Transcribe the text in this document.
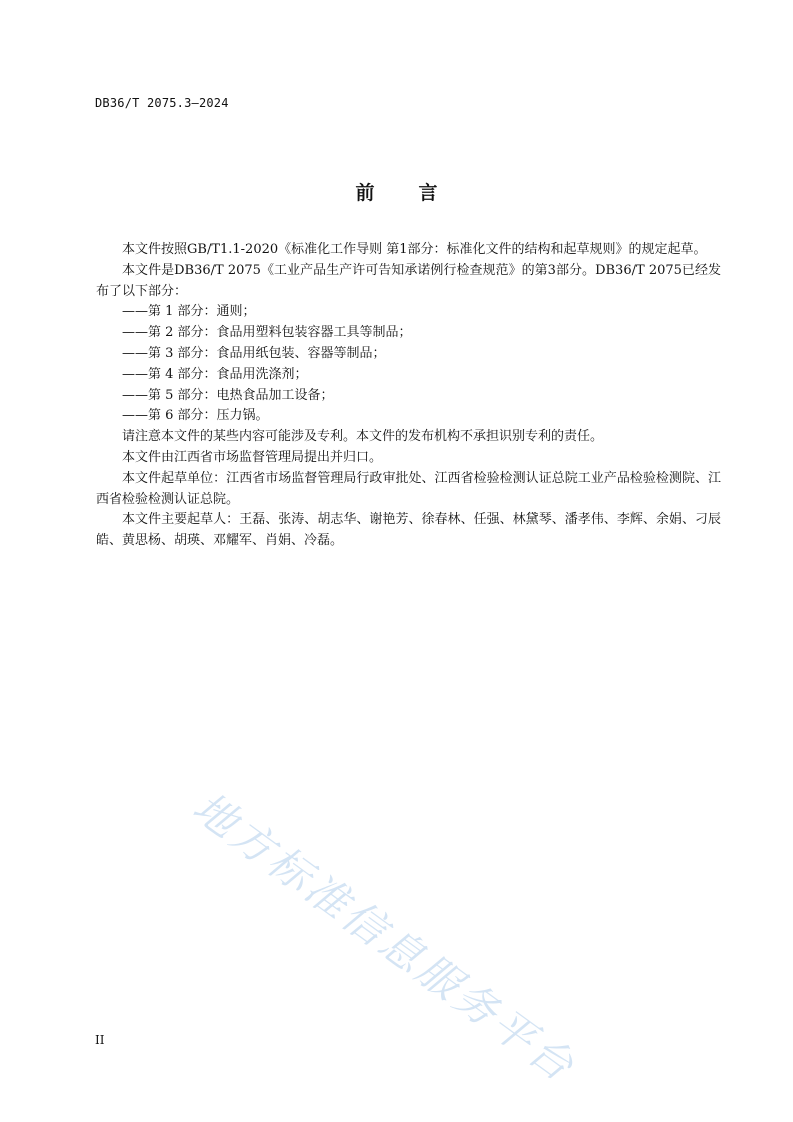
DB36/T 2075.3—2024
前 言

本文件按照GB/T1.1-2020《标准化工作导则 第1部分：标准化文件的结构和起草规则》的规定起草。

本文件是DB36/T 2075《工业产品生产许可告知承诺例行检查规范》的第3部分。DB36/T 2075已经发布了以下部分：

——第 1 部分：通则；

——第 2 部分：食品用塑料包装容器工具等制品；

——第 3 部分：食品用纸包装、容器等制品；

——第 4 部分：食品用洗涤剂；

——第 5 部分：电热食品加工设备；

——第 6 部分：压力锅。

请注意本文件的某些内容可能涉及专利。本文件的发布机构不承担识别专利的责任。

本文件由江西省市场监督管理局提出并归口。

本文件起草单位：江西省市场监督管理局行政审批处、江西省检验检测认证总院工业产品检验检测院、江西省检验检测认证总院。

本文件主要起草人：王磊、张涛、胡志华、谢艳芳、徐春林、任强、林黛琴、潘孝伟、李辉、余娟、刁辰皓、黄思杨、胡瑛、邓耀军、肖娟、冷磊。

地方标准信息服务平台
II
